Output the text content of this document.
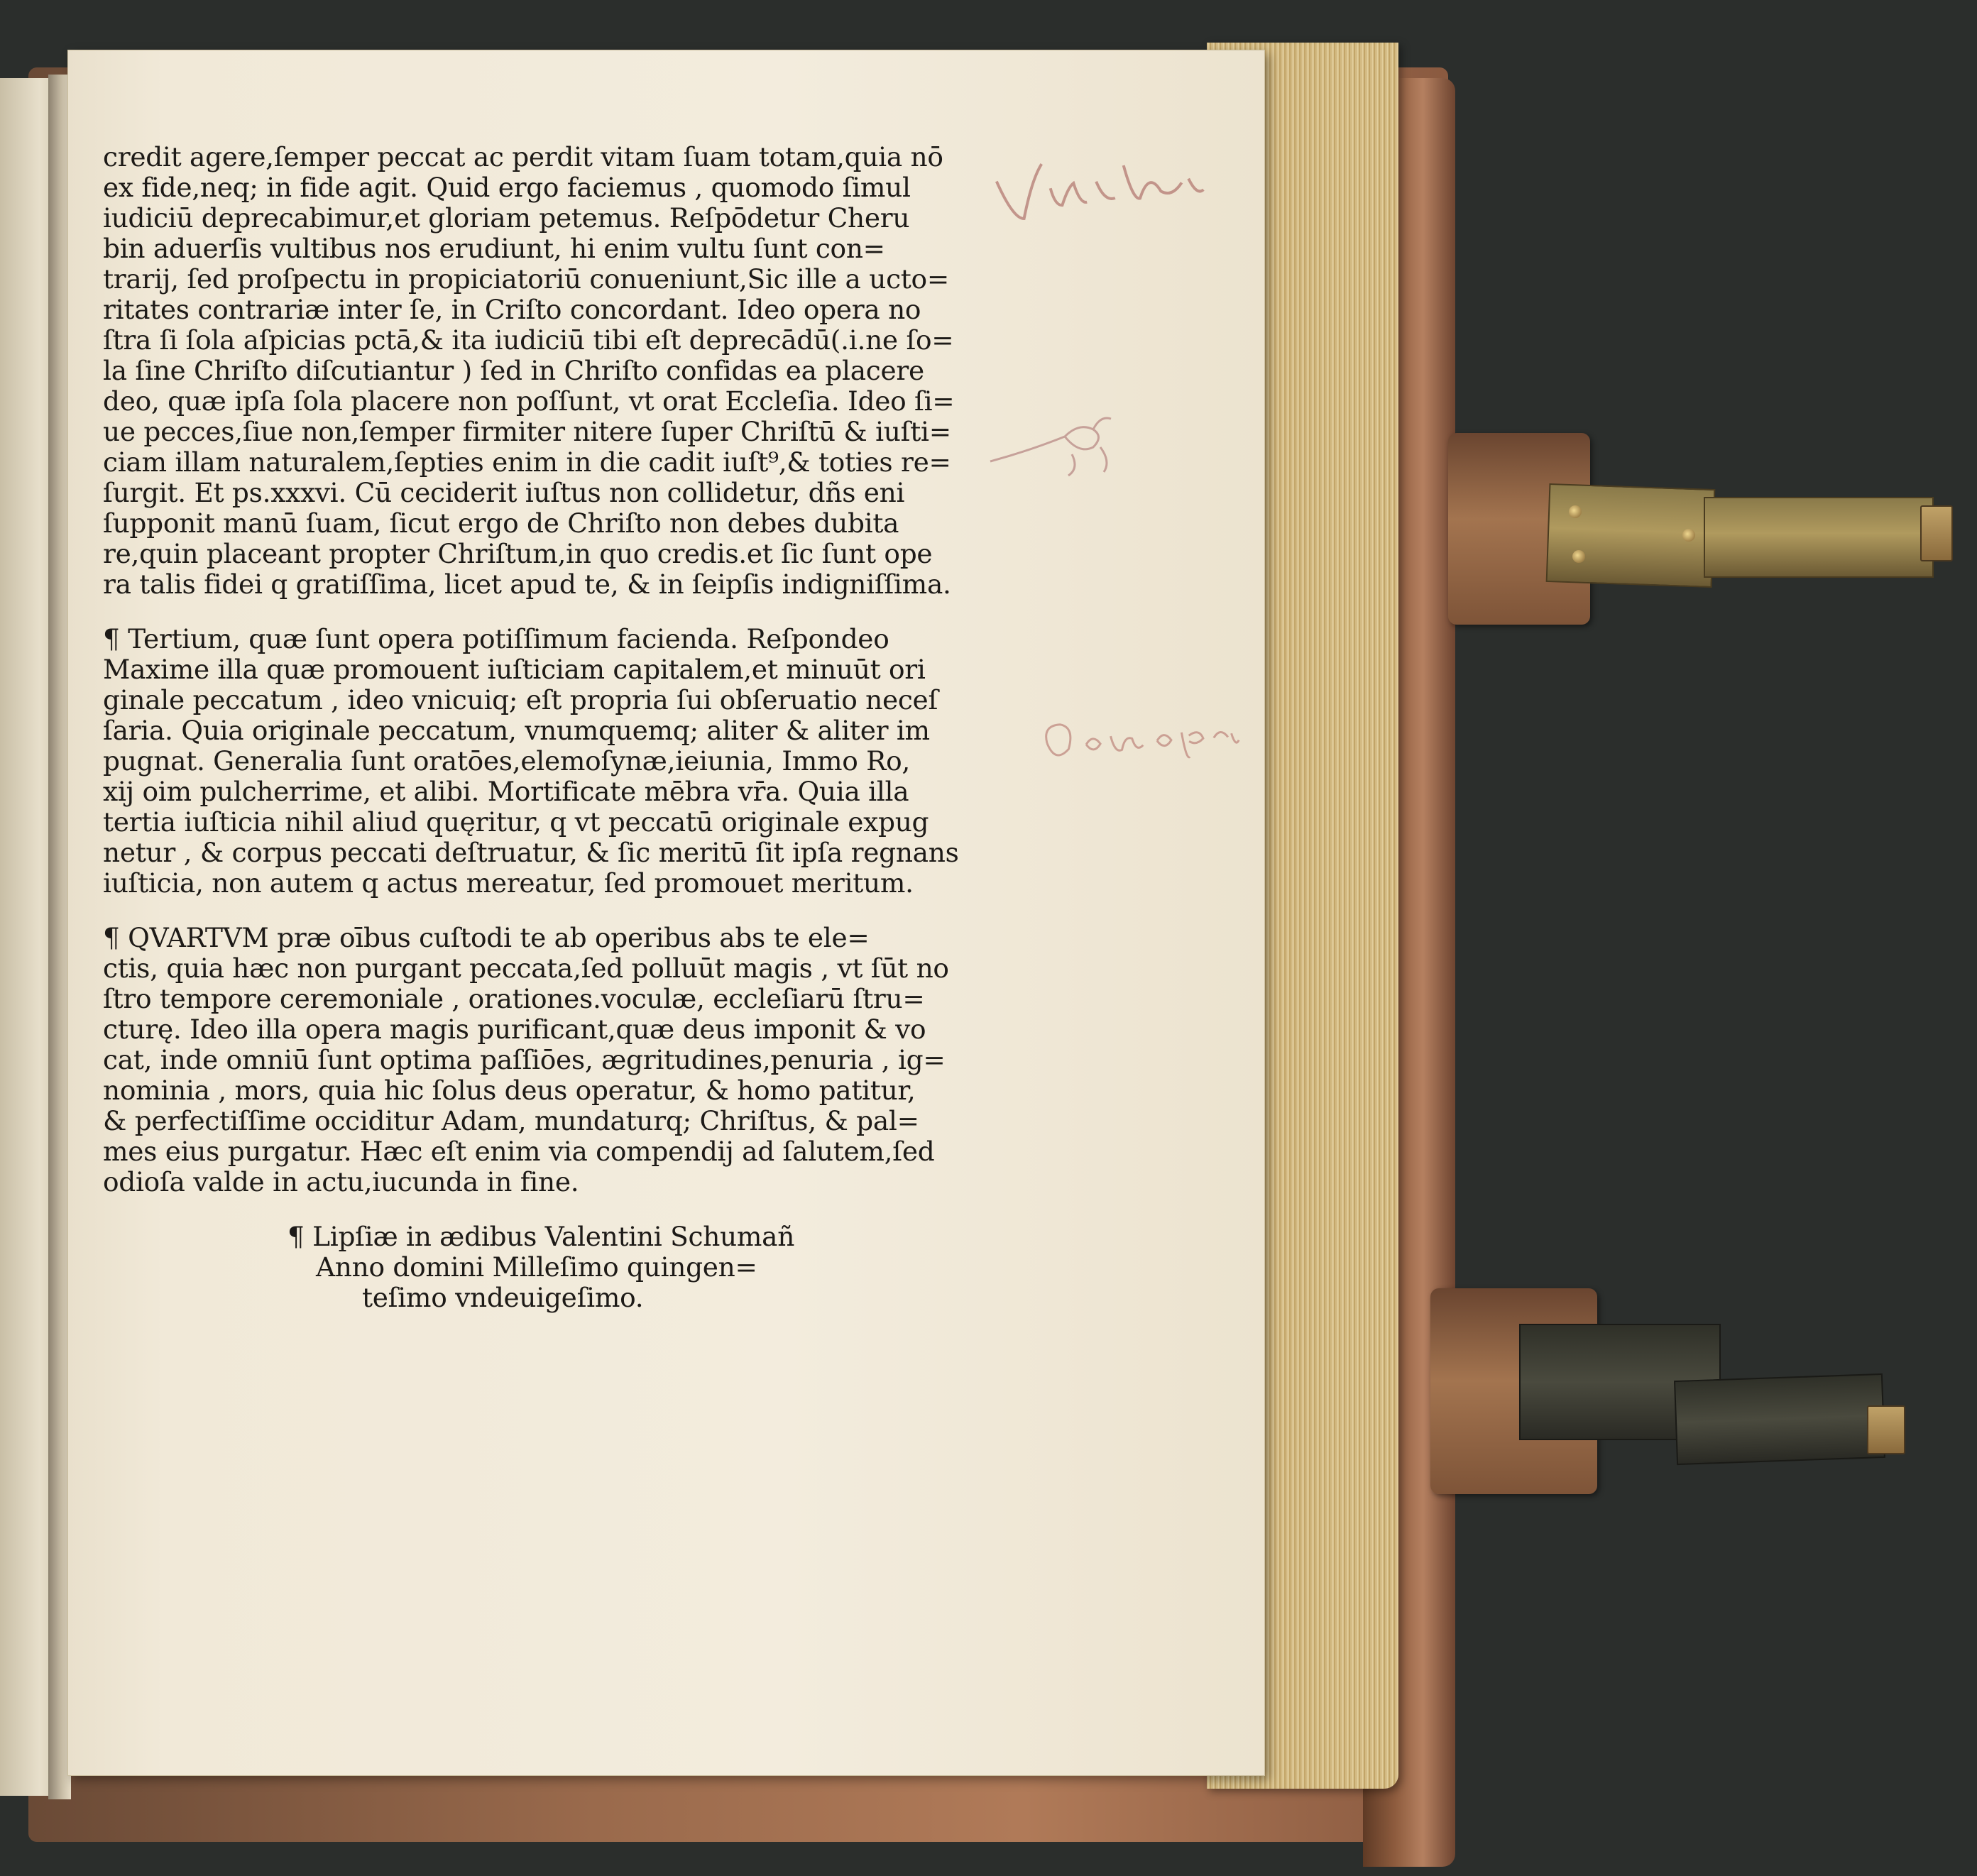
credit agere,ſemper peccat ac perdit vitam ſuam totam,quia nō
ex fide,neq; in fide agit. Quid ergo faciemus , quomodo ſimul
iudiciū deprecabimur,et gloriam petemus. Reſpōdetur Cheru
bin aduerſis vultibus nos erudiunt, hi enim vultu ſunt con=
trarij, ſed proſpectu in propiciatoriū conueniunt,Sic ille a ucto=
ritates contrariæ inter ſe, in Criſto concordant. Ideo opera no
ſtra ſi ſola aſpicias pctā,& ita iudiciū tibi eſt deprecādū(.i.ne ſo=
la ſine Chriſto diſcutiantur ) ſed in Chriſto confidas ea placere
deo, quæ ipſa ſola placere non poſſunt, vt orat Eccleſia. Ideo ſi=
ue pecces,ſiue non,ſemper firmiter nitere ſuper Chriſtū & iuſti=
ciam illam naturalem,ſepties enim in die cadit iuſt⁹,& toties re=
ſurgit. Et ps.xxxvi. Cū ceciderit iuſtus non collidetur, dñs eni
ſupponit manū ſuam, ſicut ergo de Chriſto non debes dubita
re,quin placeant propter Chriſtum,in quo credis.et ſic ſunt ope
ra talis fidei q gratiſſima, licet apud te, & in ſeipſis indigniſſima.
¶ Tertium, quæ ſunt opera potiſſimum facienda. Reſpondeo
Maxime illa quæ promouent iuſticiam capitalem,et minuūt ori
ginale peccatum , ideo vnicuiq; eſt propria ſui obſeruatio neceſ
ſaria. Quia originale peccatum, vnumquemq; aliter & aliter im
pugnat. Generalia ſunt oratōes,elemoſynæ,ieiunia, Immo Ro,
xij oim pulcherrime, et alibi. Mortificate mēbra vr̄a. Quia illa
tertia iuſticia nihil aliud quęritur, q vt peccatū originale expug
netur , & corpus peccati deſtruatur, & ſic meritū ſit ipſa regnans
iuſticia, non autem q actus mereatur, ſed promouet meritum.
¶ QVARTVM præ oībus cuſtodi te ab operibus abs te ele=
ctis, quia hæc non purgant peccata,ſed polluūt magis , vt ſūt no
ſtro tempore ceremoniale , orationes.voculæ, eccleſiarū ſtru=
cturę. Ideo illa opera magis purificant,quæ deus imponit & vo
cat, inde omniū ſunt optima paſſiōes, ægritudines,penuria , ig=
nominia , mors, quia hic ſolus deus operatur, & homo patitur,
& perfectiſſime occiditur Adam, mundaturq; Chriſtus, & pal=
mes eius purgatur. Hæc eſt enim via compendij ad ſalutem,ſed
odioſa valde in actu,iucunda in fine.
¶ Lipſiæ in ædibus Valentini Schumañ
Anno domini Milleſimo quingen=
teſimo vndeuigeſimo.
